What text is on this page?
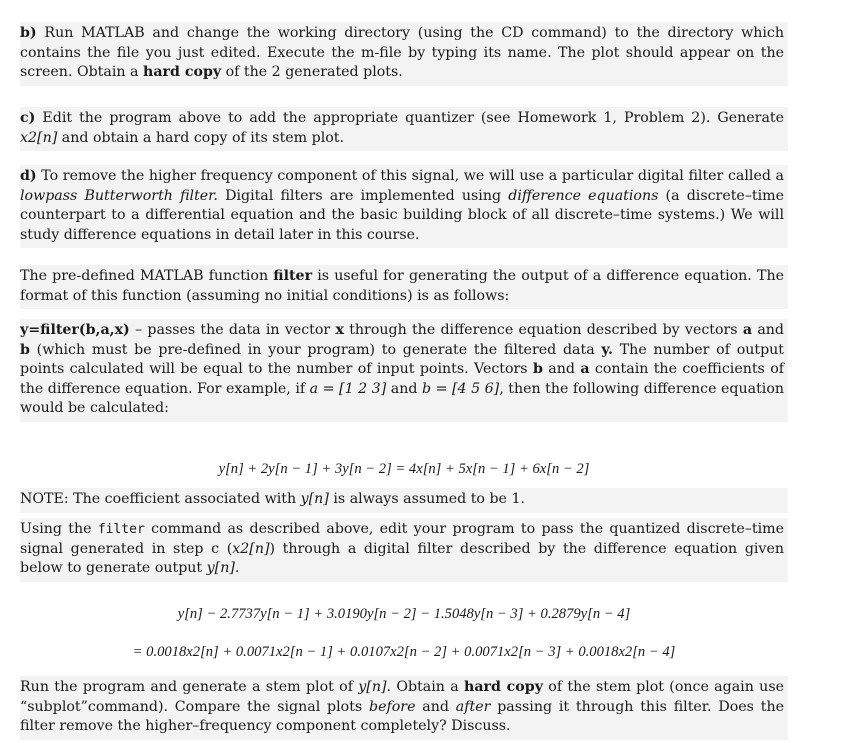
b) Run MATLAB and change the working directory (using the CD command) to the directory which contains the file you just edited. Execute the m-file by typing its name. The plot should appear on the screen. Obtain a hard copy of the 2 generated plots.
c) Edit the program above to add the appropriate quantizer (see Homework 1, Problem 2). Generate x2[n] and obtain a hard copy of its stem plot.
d) To remove the higher frequency component of this signal, we will use a particular digital filter called a lowpass Butterworth filter. Digital filters are implemented using difference equations (a discrete–time counterpart to a differential equation and the basic building block of all discrete–time systems.) We will study difference equations in detail later in this course.
The pre-defined MATLAB function filter is useful for generating the output of a difference equation. The format of this function (assuming no initial conditions) is as follows:
y=filter(b,a,x) – passes the data in vector x through the difference equation described by vectors a and b (which must be pre-defined in your program) to generate the filtered data y. The number of output points calculated will be equal to the number of input points. Vectors b and a contain the coefficients of the difference equation. For example, if a = [1 2 3] and b = [4 5 6], then the following difference equation would be calculated:
y[n] + 2y[n − 1] + 3y[n − 2] = 4x[n] + 5x[n − 1] + 6x[n − 2]
NOTE: The coefficient associated with y[n] is always assumed to be 1.
Using the filter command as described above, edit your program to pass the quantized discrete–time signal generated in step c (x2[n]) through a digital filter described by the difference equation given below to generate output y[n].
y[n] − 2.7737y[n − 1] + 3.0190y[n − 2] − 1.5048y[n − 3] + 0.2879y[n − 4]
= 0.0018x2[n] + 0.0071x2[n − 1] + 0.0107x2[n − 2] + 0.0071x2[n − 3] + 0.0018x2[n − 4]
Run the program and generate a stem plot of y[n]. Obtain a hard copy of the stem plot (once again use “subplot”command). Compare the signal plots before and after passing it through this filter. Does the filter remove the higher–frequency component completely? Discuss.
